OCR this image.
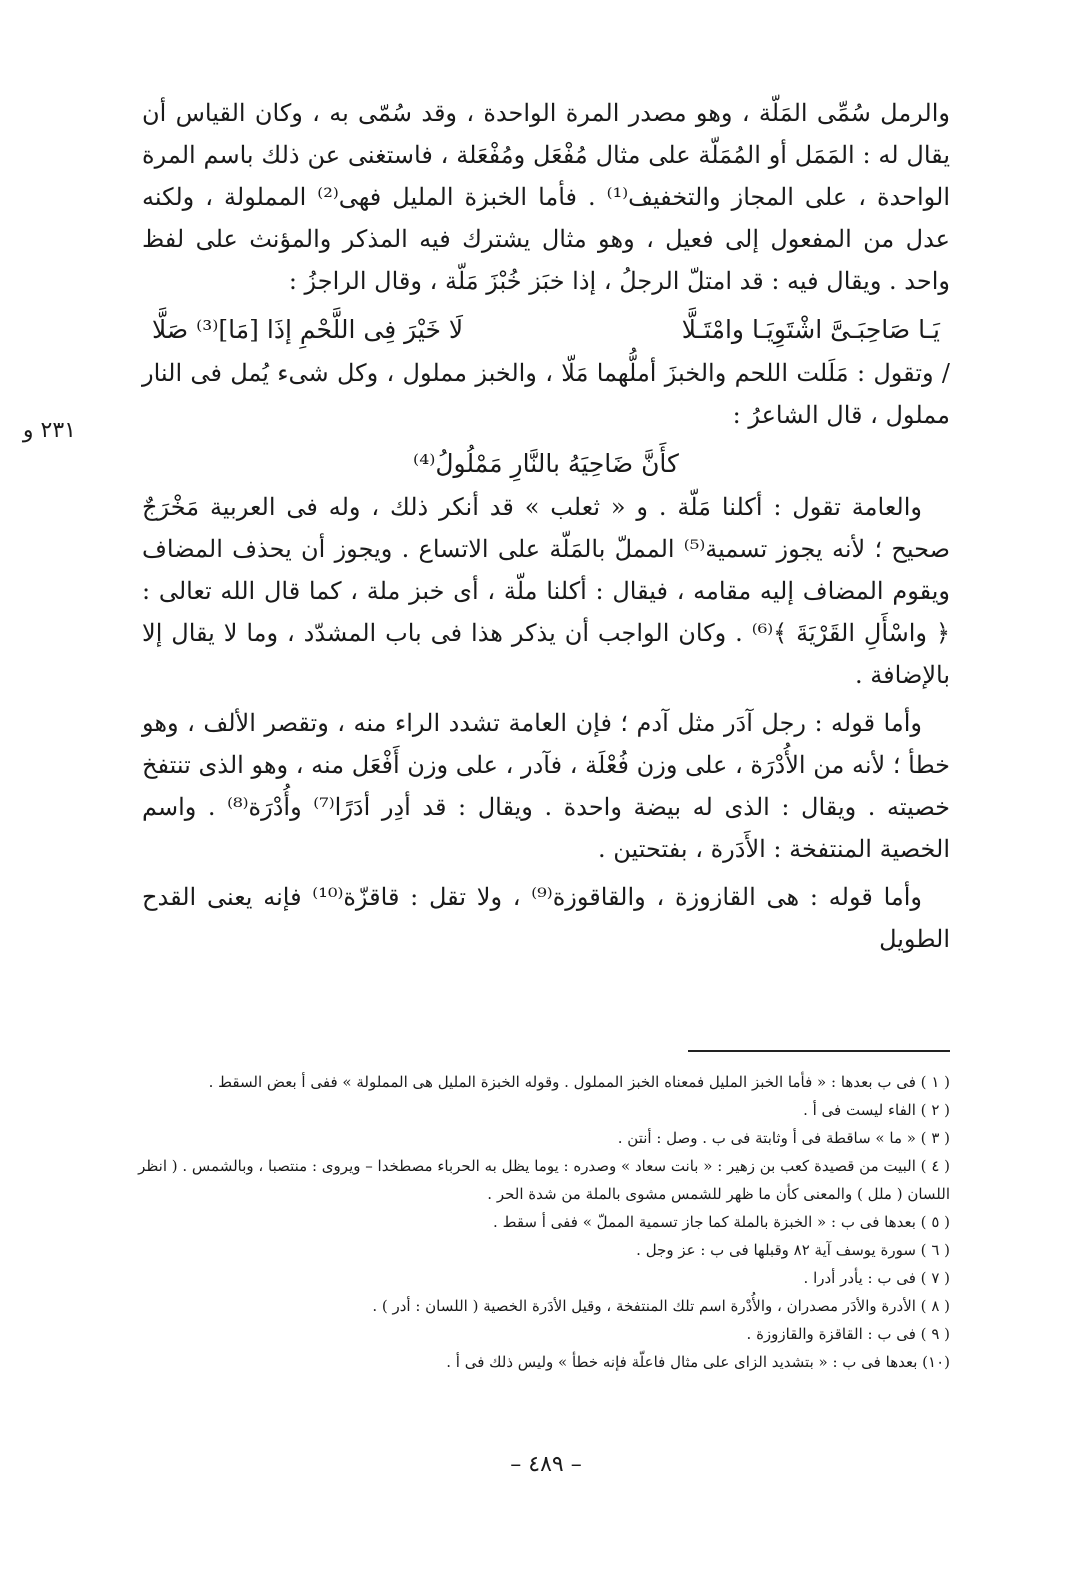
٢٣١ و

والرمل سُمِّى المَلّة ، وهو مصدر المرة الواحدة ، وقد سُمّى به ، وكان القياس أن يقال له : المَمَل أو المُمَلّة على مثال مُفْعَل ومُفْعَلة ، فاستغنى عن ذلك باسم المرة الواحدة ، على المجاز والتخفيف⁽¹⁾ . فأما الخبزة المليل فهى⁽²⁾ المملولة ، ولكنه عدل من المفعول إلى فعيل ، وهو مثال يشترك فيه المذكر والمؤنث على لفظ واحد . ويقال فيه : قد امتلّ الرجلُ ، إذا خبَز خُبْزَ مَلّة ، وقال الراجزُ :

يَـا صَاحِبَـىَّ اشْتَوِيَـا وامْتَـلَّا
لَا خَيْرَ فِى اللَّحْمِ إذَا [مَا]⁽³⁾ صَلَّا

/ وتقول : مَلَلت اللحم والخبزَ أملُّهما مَلّا ، والخبز مملول ، وكل شىء يُمل فى النار مملول ، قال الشاعرُ :

كأَنَّ ضَاحِيَهُ بالنَّارِ مَمْلُولُ⁽⁴⁾

والعامة تقول : أكلنا مَلّة . و « ثعلب » قد أنكر ذلك ، وله فى العربية مَخْرَجٌ صحيح ؛ لأنه يجوز تسمية⁽⁵⁾ المملّ بالمَلّة على الاتساع . ويجوز أن يحذف المضاف ويقوم المضاف إليه مقامه ، فيقال : أكلنا ملّة ، أى خبز ملة ، كما قال الله تعالى : ﴿ واسْأَلِ القَرْيَةَ ﴾⁽⁶⁾ . وكان الواجب أن يذكر هذا فى باب المشدّد ، وما لا يقال إلا بالإضافة .

وأما قوله : رجل آدَر مثل آدم ؛ فإن العامة تشدد الراء منه ، وتقصر الألف ، وهو خطأ ؛ لأنه من الأُدْرَة ، على وزن فُعْلَة ، فآدر ، على وزن أَفْعَل منه ، وهو الذى تنتفخ خصيته . ويقال : الذى له بيضة واحدة . ويقال : قد أدِر أدَرًا⁽⁷⁾ وأُدْرَة⁽⁸⁾ . واسم الخصية المنتفخة : الأَدَرة ، بفتحتين .

وأما قوله : هى القازوزة ، والقاقوزة⁽⁹⁾ ، ولا تقل : قاقزّة⁽¹⁰⁾ فإنه يعنى القدح الطويل

( ١ ) فى ب بعدها : « فأما الخبز المليل فمعناه الخبز المملول . وقوله الخبزة المليل هى المملولة » ففى أ بعض السقط .

( ٢ ) الفاء ليست فى أ .

( ٣ ) « ما » ساقطة فى أ وثابتة فى ب . وصل : أنتن .

( ٤ ) البيت من قصيدة كعب بن زهير : « بانت سعاد » وصدره : يوما يظل به الحرباء مصطخدا – ويروى : منتصبا ، وبالشمس . ( انظر اللسان ( ملل ) والمعنى كأن ما ظهر للشمس مشوى بالملة من شدة الحر .

( ٥ ) بعدها فى ب : « الخبزة بالملة كما جاز تسمية المملّ » ففى أ سقط .

( ٦ ) سورة يوسف آية ٨٢ وقبلها فى ب : عز وجل .

( ٧ ) فى ب : يأدر أدرا .

( ٨ ) الأدرة والأدَر مصدران ، والأُدْرة اسم تلك المنتفخة ، وقيل الأدَرة الخصية ( اللسان : أدر ) .

( ٩ ) فى ب : القاقزة والقازوزة .

(١٠) بعدها فى ب : « بتشديد الزاى على مثال فاعلّة فإنه خطأ » وليس ذلك فى أ .

– ٤٨٩ –
